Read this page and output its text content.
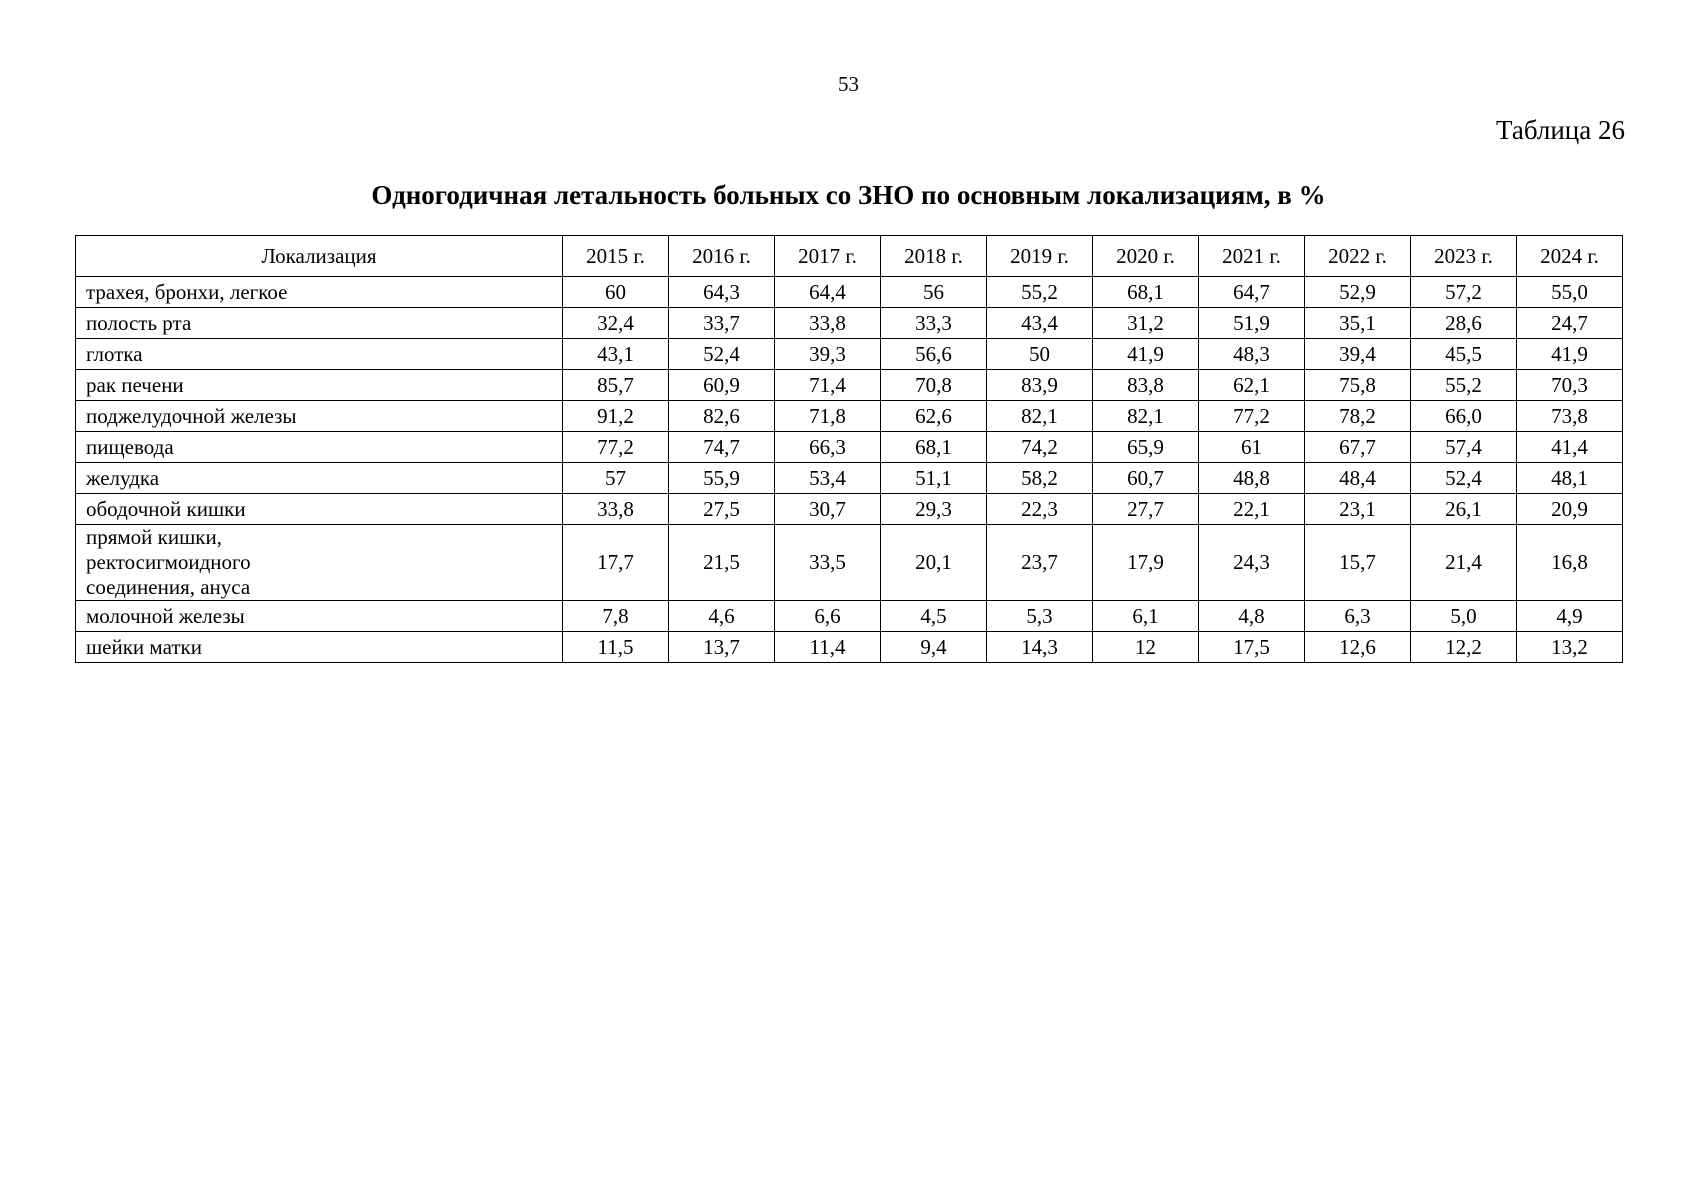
53
Таблица 26
Одногодичная летальность больных со ЗНО по основным локализациям, в %
Локализация	2015 г.	2016 г.	2017 г.	2018 г.	2019 г.	2020 г.	2021 г.	2022 г.	2023 г.	2024 г.
трахея, бронхи, легкое	60	64,3	64,4	56	55,2	68,1	64,7	52,9	57,2	55,0
полость рта	32,4	33,7	33,8	33,3	43,4	31,2	51,9	35,1	28,6	24,7
глотка	43,1	52,4	39,3	56,6	50	41,9	48,3	39,4	45,5	41,9
рак печени	85,7	60,9	71,4	70,8	83,9	83,8	62,1	75,8	55,2	70,3
поджелудочной железы	91,2	82,6	71,8	62,6	82,1	82,1	77,2	78,2	66,0	73,8
пищевода	77,2	74,7	66,3	68,1	74,2	65,9	61	67,7	57,4	41,4
желудка	57	55,9	53,4	51,1	58,2	60,7	48,8	48,4	52,4	48,1
ободочной кишки	33,8	27,5	30,7	29,3	22,3	27,7	22,1	23,1	26,1	20,9
прямой кишки,
ректосигмоидного
соединения, ануса	17,7	21,5	33,5	20,1	23,7	17,9	24,3	15,7	21,4	16,8
молочной железы	7,8	4,6	6,6	4,5	5,3	6,1	4,8	6,3	5,0	4,9
шейки матки	11,5	13,7	11,4	9,4	14,3	12	17,5	12,6	12,2	13,2
